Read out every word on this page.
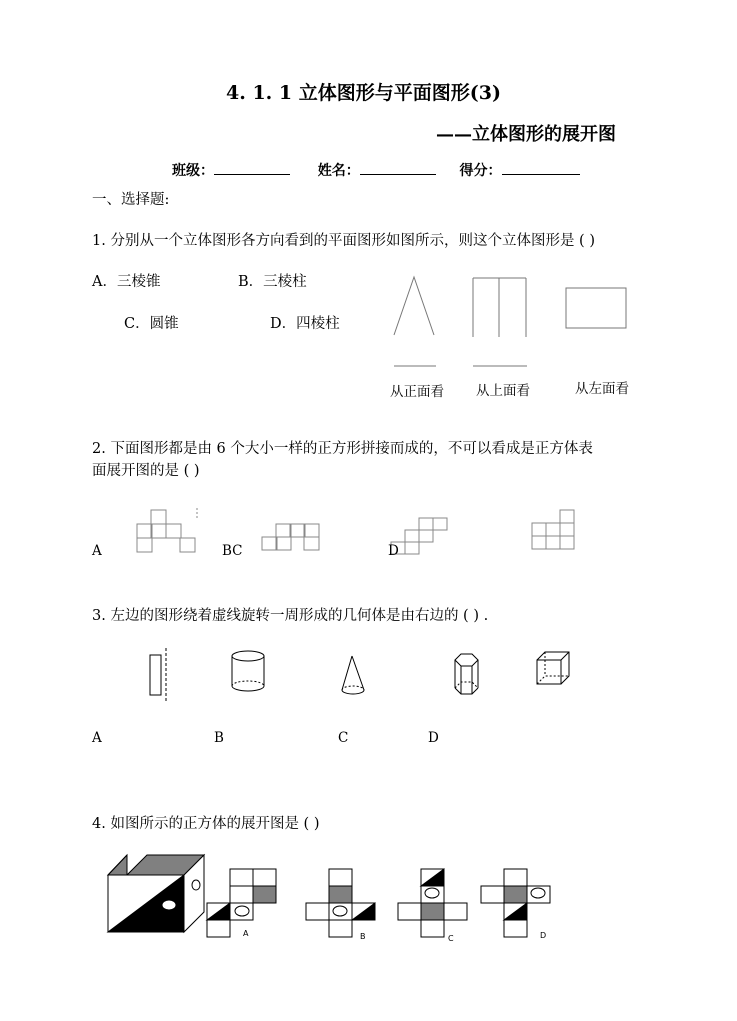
4. 1. 1 立体图形与平面图形(3)
——立体图形的展开图
班级：	姓名：	得分：
一、选择题:
1. 分别从一个立体图形各方向看到的平面图形如图所示，则这个立体图形是 ( )
A．三棱锥	B．三棱柱
C．圆锥	D．四棱柱
从正面看 从上面看	从左面看
2. 下面图形都是由 6 个大小一样的正方形拼接而成的，不可以看成是正方体表
面展开图的是 ( )
A	BC	D
3. 左边的图形绕着虚线旋转一周形成的几何体是由右边的 ( ) .
A	B	C	D
4. 如图所示的正方体的展开图是 ( )
A	B	C	D
